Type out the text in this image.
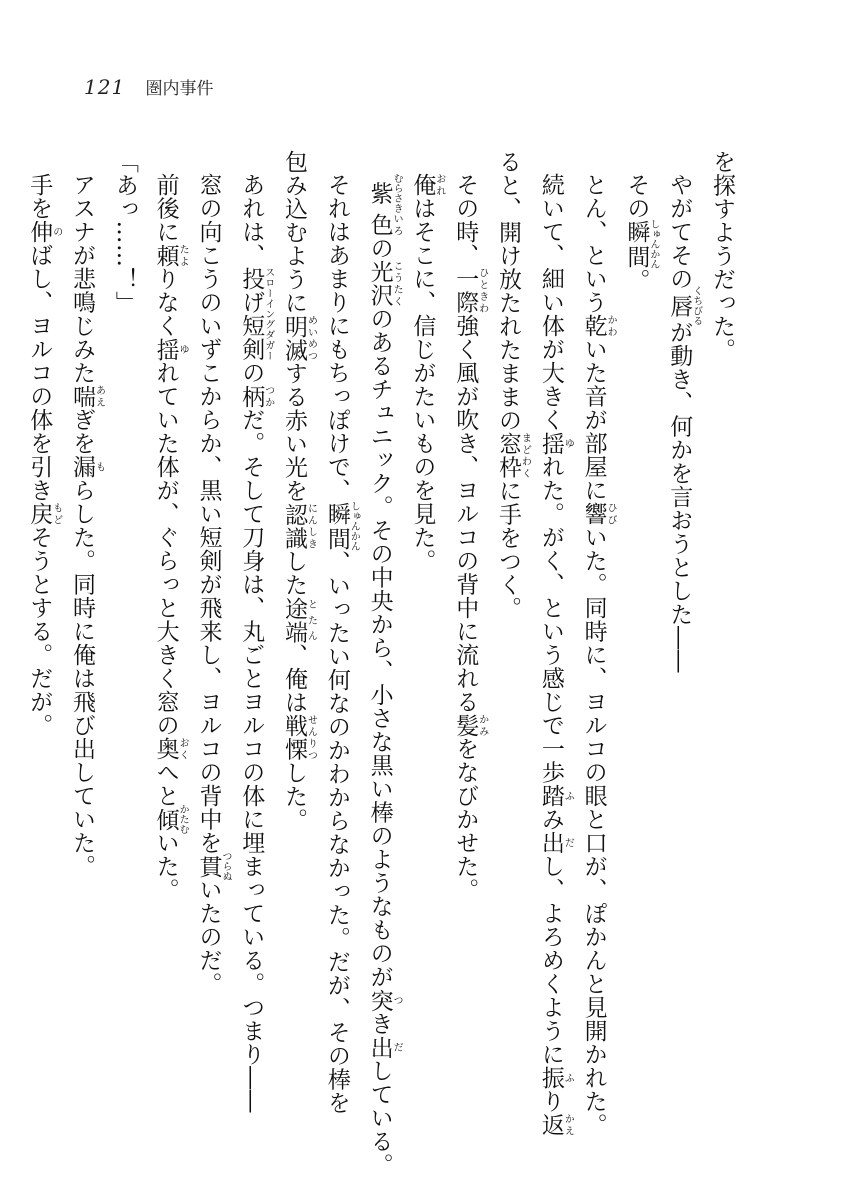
121 圏内事件
を探すようだった。
やがてその唇くちびるが動き、何かを言おうとした――
その瞬間しゅんかん。
とん、という乾かわいた音が部屋に響ひびいた。同時に、ヨルコの眼と口が、ぽかんと見開かれた。
続いて、細い体が大きく揺ゆれた。がく、という感じで一歩踏ふみ出だし、よろめくように振ふり返かえ
ると、開け放たれたままの窓枠まどわくに手をつく。
その時、一際ひときわ強く風が吹き、ヨルコの背中に流れる髪かみをなびかせた。
俺おれはそこに、信じがたいものを見た。
紫むらさき色いろの光沢こうたくのあるチュニック。その中央から、小さな黒い棒のようなものが突つき出だしている。
それはあまりにもちっぽけで、瞬間しゅんかん、いったい何なのかわからなかった。だが、その棒を
包み込むように明滅めいめつする赤い光を認識にんしきした途端とたん、俺は戦慄せんりつした。
あれは、投げ短剣スローイングダガーの柄つかだ。そして刀身は、丸ごとヨルコの体に埋まっている。つまり――
窓の向こうのいずこからか、黒い短剣が飛来し、ヨルコの背中を貫つらぬいたのだ。
前後に頼たよりなく揺ゆれていた体が、ぐらっと大きく窓の奥おくへと傾かたむいた。
「あっ……！」
アスナが悲鳴じみた喘あえぎを漏もらした。同時に俺は飛び出していた。
手を伸のばし、ヨルコの体を引き戻もどそうとする。だが。
